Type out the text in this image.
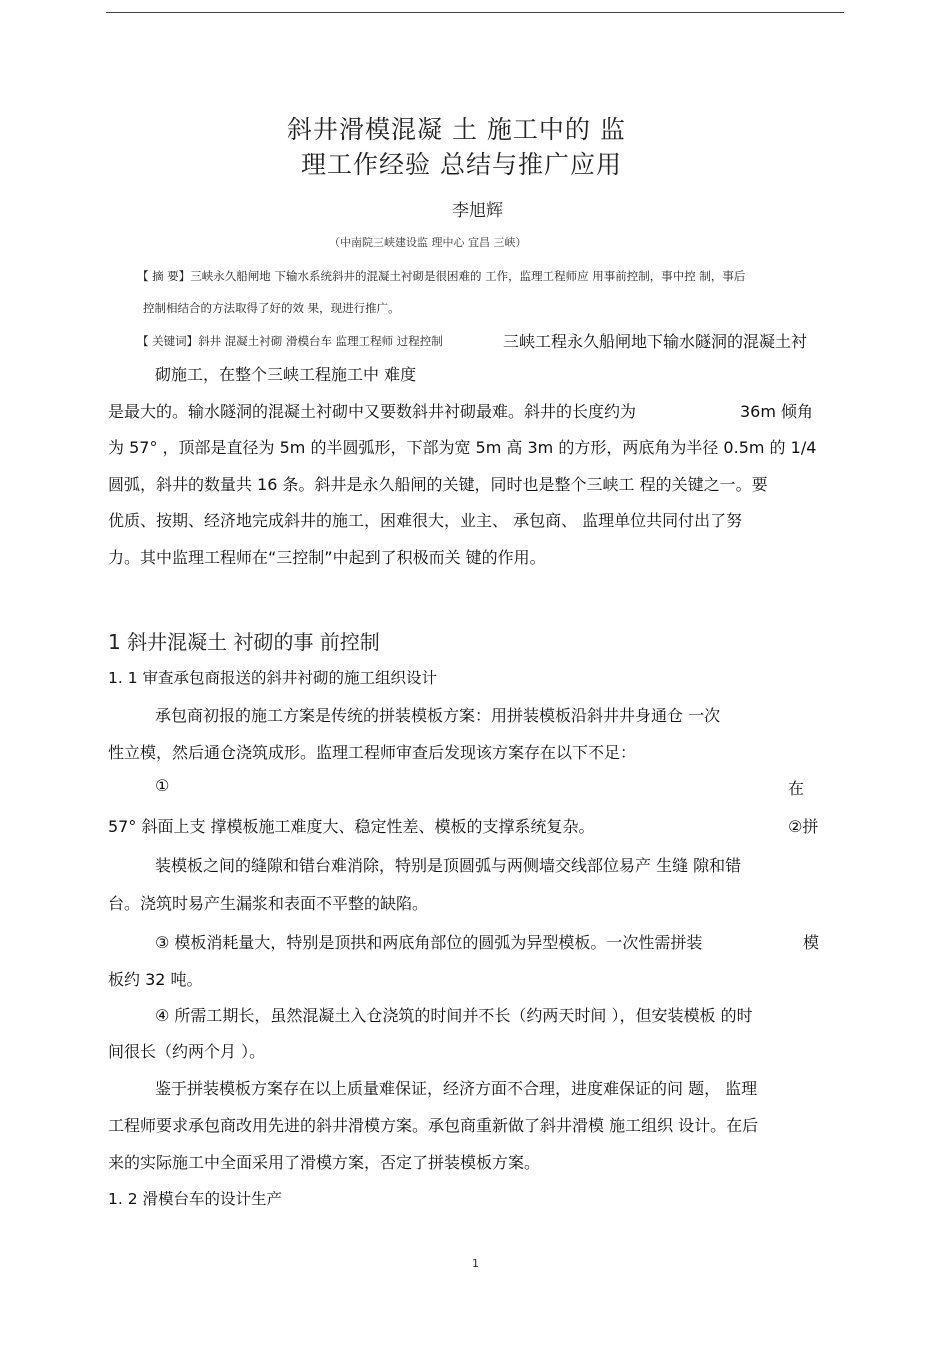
斜井滑模混凝 土 施工中的 监
理工作经验 总结与推广应用
李旭辉
（中南院三峡建设监 理中心 宜昌 三峡）
【 摘 要】三峡永久船闸地 下输水系统斜井的混凝土衬砌是很困难的 工作，监理工程师应 用事前控制，事中控 制，事后
控制相结合的方法取得了好的效 果，现进行推广。
【 关键词】斜井 混凝土衬砌 滑模台车 监理工程师 过程控制	三峡工程永久船闸地下输水隧洞的混凝土衬
砌施工，在整个三峡工程施工中 难度
是最大的。输水隧洞的混凝土衬砌中又要数斜井衬砌最难。斜井的长度约为	36m 倾角
为 57° ，顶部是直径为 5m 的半圆弧形，下部为宽 5m 高 3m 的方形，两底角为半径 0.5m 的 1/4
圆弧，斜井的数量共 16 条。斜井是永久船闸的关键，同时也是整个三峡工 程的关键之一。要
优质、按期、经济地完成斜井的施工，困难很大，业主、 承包商、 监理单位共同付出了努
力。其中监理工程师在“三控制”中起到了积极而关 键的作用。
1 斜井混凝土 衬砌的事 前控制
1. 1 审查承包商报送的斜井衬砌的施工组织设计
承包商初报的施工方案是传统的拼装模板方案：用拼装模板沿斜井井身通仓 一次
性立模，然后通仓浇筑成形。监理工程师审查后发现该方案存在以下不足：
①	在
57° 斜面上支 撑模板施工难度大、稳定性差、模板的支撑系统复杂。	②拼
装模板之间的缝隙和错台难消除，特别是顶圆弧与两侧墙交线部位易产 生缝 隙和错
台。浇筑时易产生漏浆和表面不平整的缺陷。
③ 模板消耗量大，特别是顶拱和两底角部位的圆弧为异型模板。一次性需拼装	模
板约 32 吨。
④ 所需工期长，虽然混凝土入仓浇筑的时间并不长（约两天时间 ），但安装模板 的时
间很长（约两个月 ）。
鉴于拼装模板方案存在以上质量难保证，经济方面不合理，进度难保证的问 题， 监理
工程师要求承包商改用先进的斜井滑模方案。承包商重新做了斜井滑模 施工组织 设计。在后
来的实际施工中全面采用了滑模方案，否定了拼装模板方案。
1. 2 滑模台车的设计生产
1
